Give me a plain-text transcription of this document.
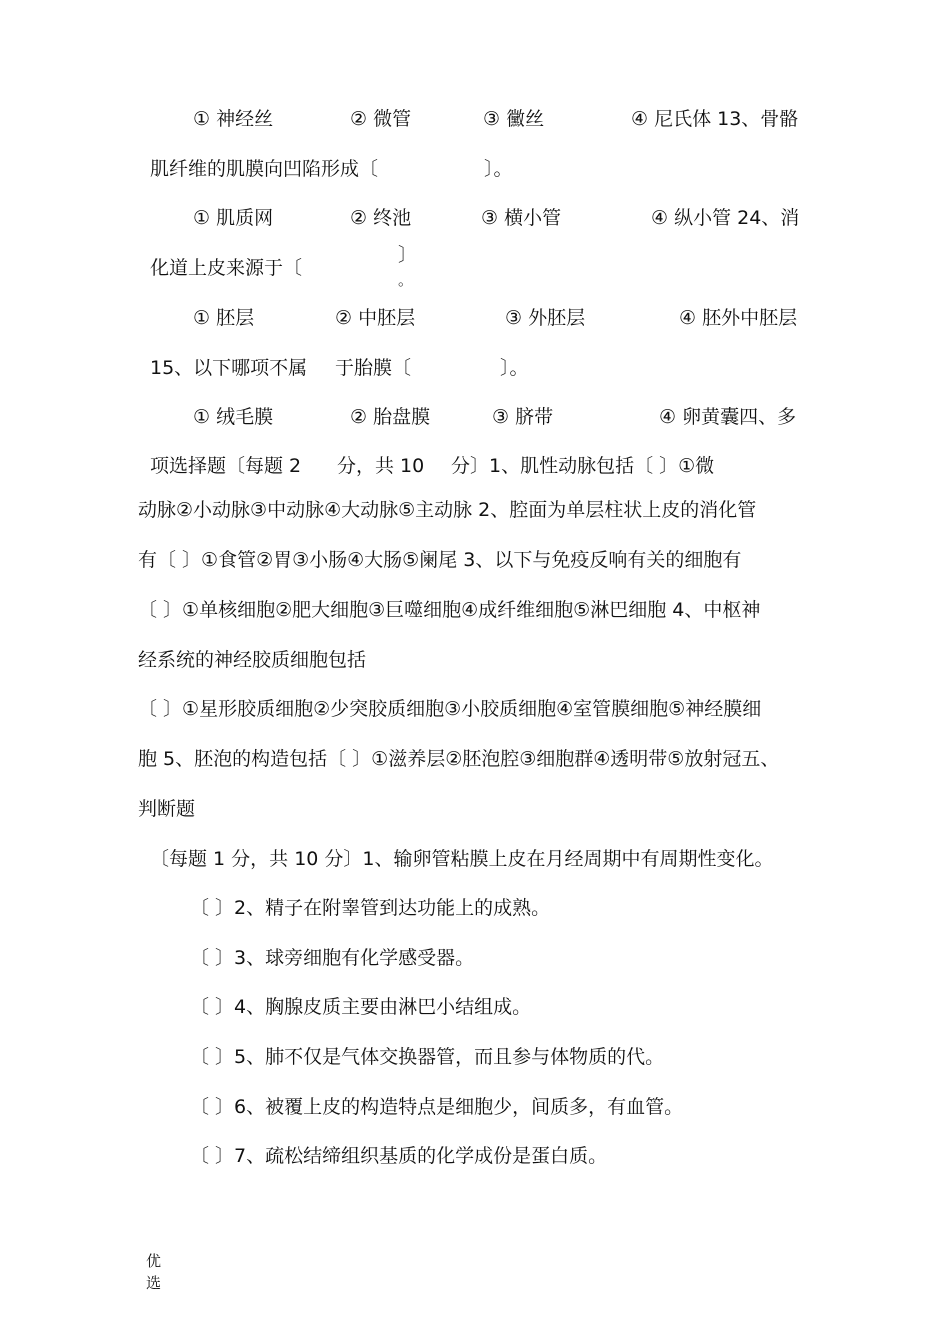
① 神经丝	② 微管	③ 黴丝	④ 尼氏体 13、骨骼
肌纤维的肌膜向凹陷形成〔	〕。
① 肌质网	② 终池	③ 横小管	④ 纵小管 24、消
化道上皮来源于〔
〕
。
① 胚层	② 中胚层	③ 外胚层	④ 胚外中胚层
15、以下哪项不属 于胎膜〔	〕。
① 绒毛膜	② 胎盘膜	③ 脐带	④ 卵黄囊四、多
项选择题〔每题 2 分，共 10 分〕1、肌性动脉包括〔 〕①微
动脉②小动脉③中动脉④大动脉⑤主动脉 2、腔面为单层柱状上皮的消化管
有〔 〕①食管②胃③小肠④大肠⑤阑尾 3、以下与免疫反响有关的细胞有
〔 〕①单核细胞②肥大细胞③巨噬细胞④成纤维细胞⑤淋巴细胞 4、中枢神
经系统的神经胶质细胞包括
〔 〕①星形胶质细胞②少突胶质细胞③小胶质细胞④室管膜细胞⑤神经膜细
胞 5、胚泡的构造包括〔 〕①滋养层②胚泡腔③细胞群④透明带⑤放射冠五、
判断题
〔每题 1 分，共 10 分〕1、输卵管粘膜上皮在月经周期中有周期性变化。
〔 〕2、精子在附睾管到达功能上的成熟。
〔 〕3、球旁细胞有化学感受器。
〔 〕4、胸腺皮质主要由淋巴小结组成。
〔 〕5、肺不仅是气体交换器管，而且参与体物质的代。
〔 〕6、被覆上皮的构造特点是细胞少，间质多，有血管。
〔 〕7、疏松结缔组织基质的化学成份是蛋白质。
优选
